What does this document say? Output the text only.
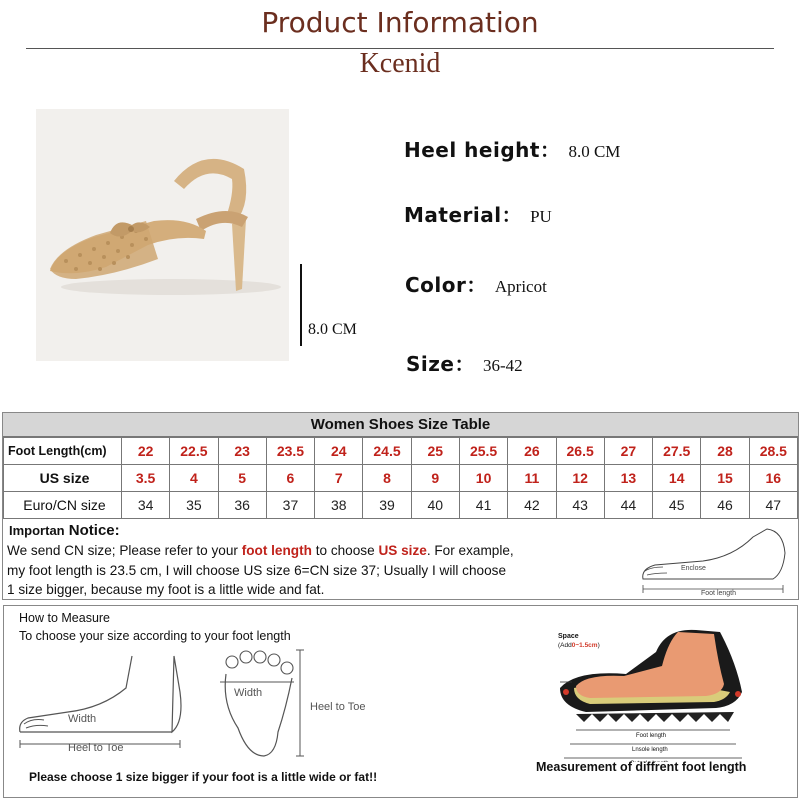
Product Information
Kcenid
8.0 CM
Heel height： 8.0 CM
Material： PU
Color： Apricot
Size： 36-42
Women Shoes Size Table
Foot Length(cm)	22	22.5	23	23.5	24	24.5	25	25.5	26	26.5	27	27.5	28	28.5
US size	3.5	4	5	6	7	8	9	10	11	12	13	14	15	16
Euro/CN size	34	35	36	37	38	39	40	41	42	43	44	45	46	47
Importan Notice:
We send CN size; Please refer to your foot length to choose US size. For example,
my foot length is 23.5 cm, I will choose US size 6=CN size 37; Usually I will choose
1 size bigger, because my foot is a little wide and fat.
Enclose
Foot length
How to Measure
To choose your size according to your foot length
Width
Heel to Toe
Width
Heel to Toe
Space
(Add0~1.5cm)
Foot length
Lnsole length
Measurement of diffrent foot length
Please choose 1 size bigger if your foot is a little wide or fat!!
